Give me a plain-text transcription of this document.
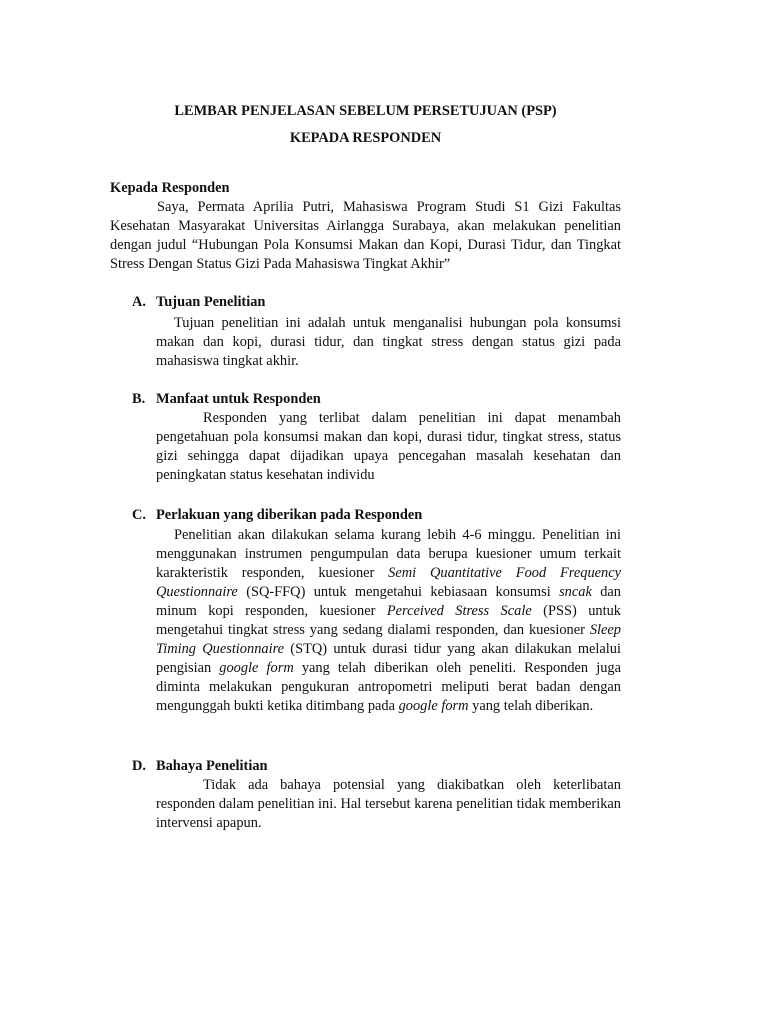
LEMBAR PENJELASAN SEBELUM PERSETUJUAN (PSP)
KEPADA RESPONDEN
Kepada Responden

Saya, Permata Aprilia Putri, Mahasiswa Program Studi S1 Gizi Fakultas Kesehatan Masyarakat Universitas Airlangga Surabaya, akan melakukan penelitian dengan judul “Hubungan Pola Konsumsi Makan dan Kopi, Durasi Tidur, dan Tingkat Stress Dengan Status Gizi Pada Mahasiswa Tingkat Akhir”

A. Tujuan Penelitian

Tujuan penelitian ini adalah untuk menganalisi hubungan pola konsumsi makan dan kopi, durasi tidur, dan tingkat stress dengan status gizi pada mahasiswa tingkat akhir.

B. Manfaat untuk Responden

Responden yang terlibat dalam penelitian ini dapat menambah pengetahuan pola konsumsi makan dan kopi, durasi tidur, tingkat stress, status gizi sehingga dapat dijadikan upaya pencegahan masalah kesehatan dan peningkatan status kesehatan individu

C. Perlakuan yang diberikan pada Responden

Penelitian akan dilakukan selama kurang lebih 4-6 minggu. Penelitian ini menggunakan instrumen pengumpulan data berupa kuesioner umum terkait karakteristik responden, kuesioner Semi Quantitative Food Frequency Questionnaire (SQ-FFQ) untuk mengetahui kebiasaan konsumsi sncak dan minum kopi responden, kuesioner Perceived Stress Scale (PSS) untuk mengetahui tingkat stress yang sedang dialami responden, dan kuesioner Sleep Timing Questionnaire (STQ) untuk durasi tidur yang akan dilakukan melalui pengisian google form yang telah diberikan oleh peneliti. Responden juga diminta melakukan pengukuran antropometri meliputi berat badan dengan mengunggah bukti ketika ditimbang pada google form yang telah diberikan.

D. Bahaya Penelitian

Tidak ada bahaya potensial yang diakibatkan oleh keterlibatan responden dalam penelitian ini. Hal tersebut karena penelitian tidak memberikan intervensi apapun.
